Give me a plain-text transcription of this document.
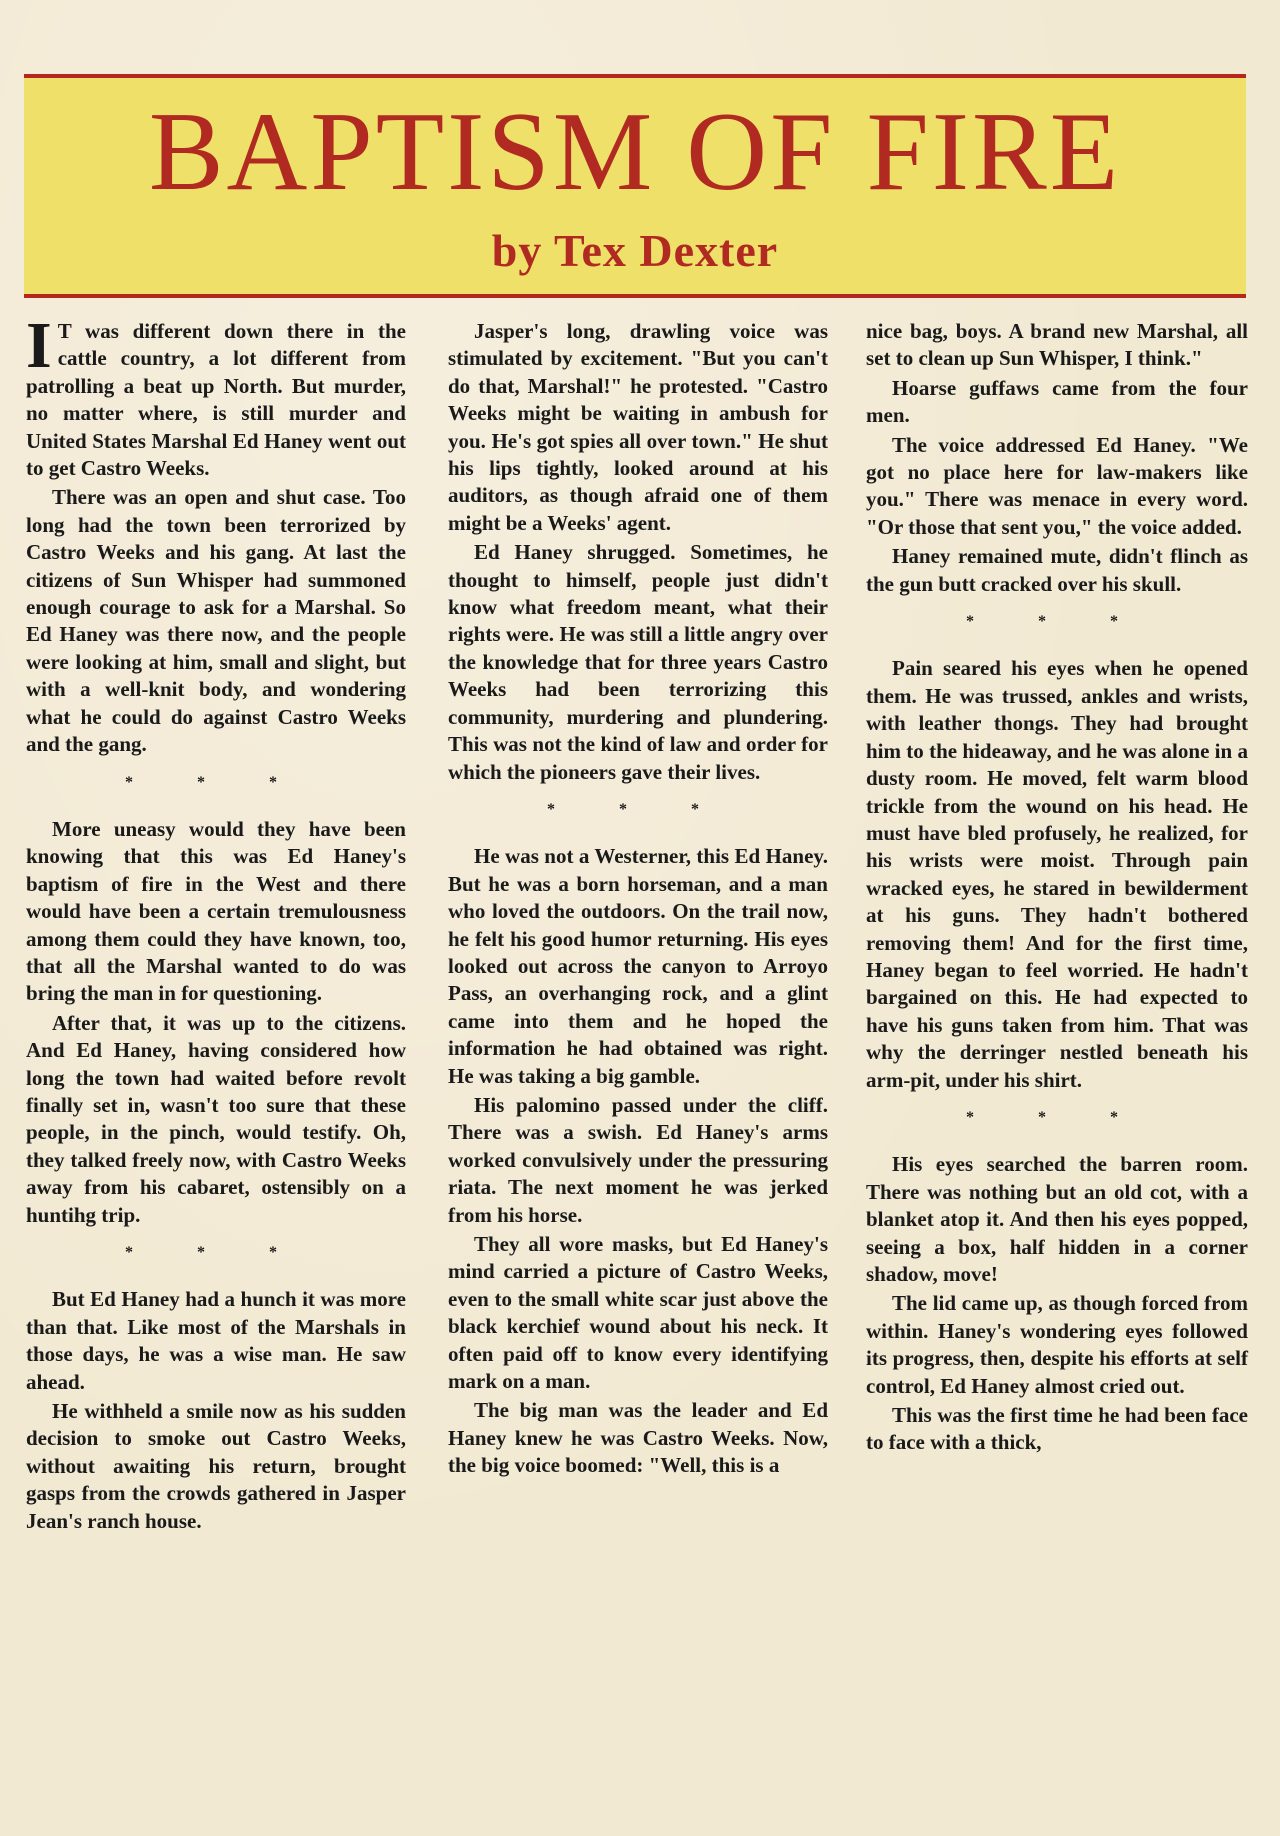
BAPTISM OF FIRE
by Tex Dexter

I T was different down there in the cattle country, a lot different from patrolling a beat up North. But murder, no matter where, is still murder and United States Marshal Ed Haney went out to get Castro Weeks.

There was an open and shut case. Too long had the town been terrorized by Castro Weeks and his gang. At last the citizens of Sun Whisper had summoned enough courage to ask for a Marshal. So Ed Haney was there now, and the people were looking at him, small and slight, but with a well-knit body, and wondering what he could do against Castro Weeks and the gang.

* * *

More uneasy would they have been knowing that this was Ed Haney's baptism of fire in the West and there would have been a certain tremulousness among them could they have known, too, that all the Marshal wanted to do was bring the man in for questioning.

After that, it was up to the citizens. And Ed Haney, having considered how long the town had waited before revolt finally set in, wasn't too sure that these people, in the pinch, would testify. Oh, they talked freely now, with Castro Weeks away from his cabaret, ostensibly on a huntihg trip.

* * *

But Ed Haney had a hunch it was more than that. Like most of the Marshals in those days, he was a wise man. He saw ahead.

He withheld a smile now as his sudden decision to smoke out Castro Weeks, without awaiting his return, brought gasps from the crowds gathered in Jasper Jean's ranch house.

Jasper's long, drawling voice was stimulated by excitement. "But you can't do that, Marshal!" he protested. "Castro Weeks might be waiting in ambush for you. He's got spies all over town." He shut his lips tightly, looked around at his auditors, as though afraid one of them might be a Weeks' agent.

Ed Haney shrugged. Sometimes, he thought to himself, people just didn't know what freedom meant, what their rights were. He was still a little angry over the knowledge that for three years Castro Weeks had been terrorizing this community, murdering and plundering. This was not the kind of law and order for which the pioneers gave their lives.

* * *

He was not a Westerner, this Ed Haney. But he was a born horseman, and a man who loved the outdoors. On the trail now, he felt his good humor returning. His eyes looked out across the canyon to Arroyo Pass, an overhanging rock, and a glint came into them and he hoped the information he had obtained was right. He was taking a big gamble.

His palomino passed under the cliff. There was a swish. Ed Haney's arms worked convulsively under the pressuring riata. The next moment he was jerked from his horse.

They all wore masks, but Ed Haney's mind carried a picture of Castro Weeks, even to the small white scar just above the black kerchief wound about his neck. It often paid off to know every identifying mark on a man.

The big man was the leader and Ed Haney knew he was Castro Weeks. Now, the big voice boomed: "Well, this is a

nice bag, boys. A brand new Marshal, all set to clean up Sun Whisper, I think."

Hoarse guffaws came from the four men.

The voice addressed Ed Haney. "We got no place here for law-makers like you." There was menace in every word. "Or those that sent you," the voice added.

Haney remained mute, didn't flinch as the gun butt cracked over his skull.

* * *

Pain seared his eyes when he opened them. He was trussed, ankles and wrists, with leather thongs. They had brought him to the hideaway, and he was alone in a dusty room. He moved, felt warm blood trickle from the wound on his head. He must have bled profusely, he realized, for his wrists were moist. Through pain wracked eyes, he stared in bewilderment at his guns. They hadn't bothered removing them! And for the first time, Haney began to feel worried. He hadn't bargained on this. He had expected to have his guns taken from him. That was why the derringer nestled beneath his arm-pit, under his shirt.

* * *

His eyes searched the barren room. There was nothing but an old cot, with a blanket atop it. And then his eyes popped, seeing a box, half hidden in a corner shadow, move!

The lid came up, as though forced from within. Haney's wondering eyes followed its progress, then, despite his efforts at self control, Ed Haney almost cried out.

This was the first time he had been face to face with a thick,
